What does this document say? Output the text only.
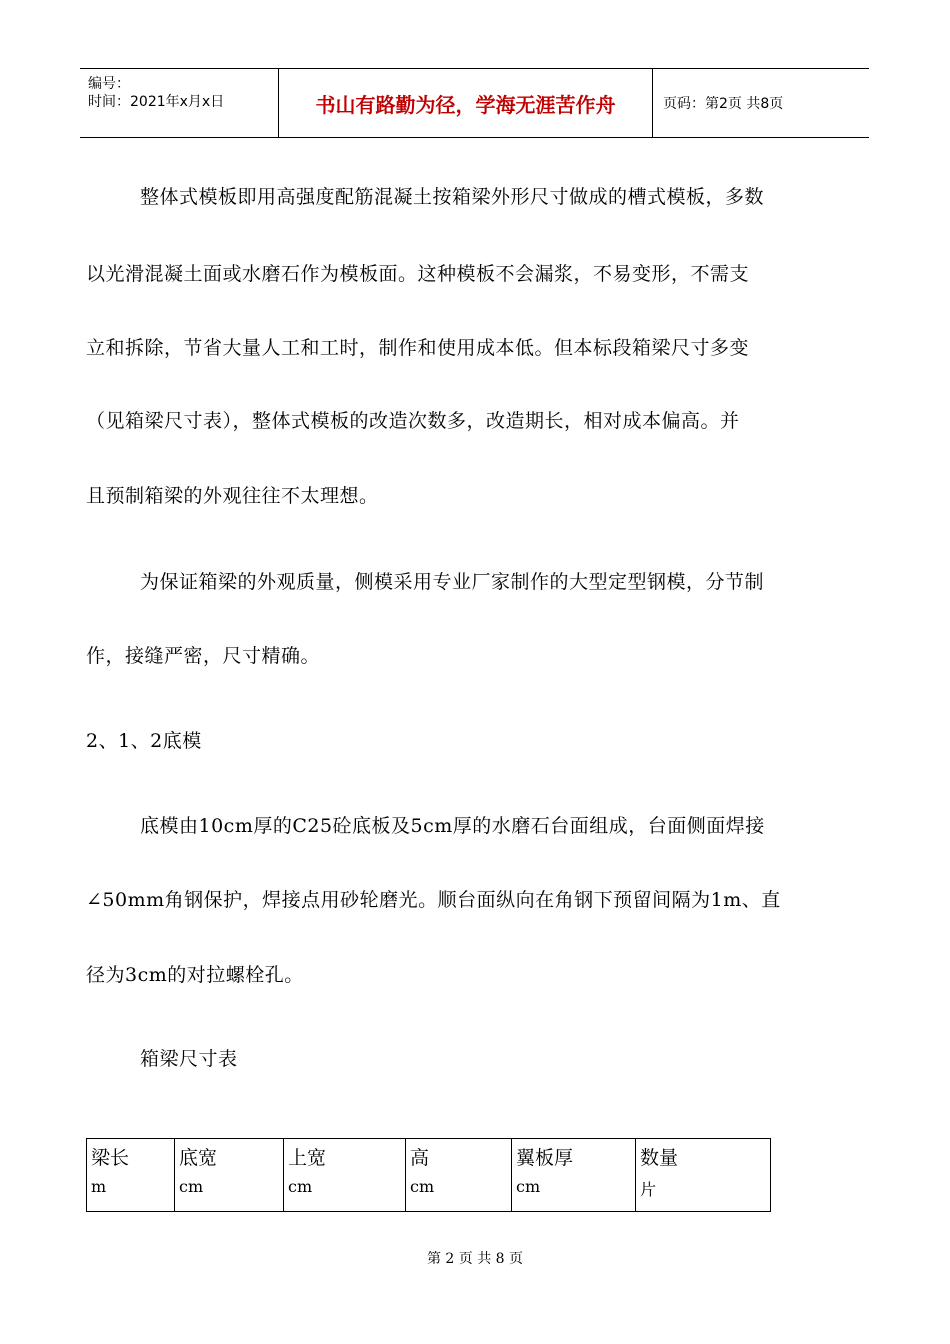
编号：
时间：2021年x月x日	书山有路勤为径，学海无涯苦作舟	页码：第2页 共8页
整体式模板即用高强度配筋混凝土按箱梁外形尺寸做成的槽式模板，多数
以光滑混凝土面或水磨石作为模板面。这种模板不会漏浆，不易变形，不需支
立和拆除，节省大量人工和工时，制作和使用成本低。但本标段箱梁尺寸多变
（见箱梁尺寸表），整体式模板的改造次数多，改造期长，相对成本偏高。并
且预制箱梁的外观往往不太理想。
为保证箱梁的外观质量，侧模采用专业厂家制作的大型定型钢模，分节制
作，接缝严密，尺寸精确。
2、1、2底模
底模由10cm厚的C25砼底板及5cm厚的水磨石台面组成，台面侧面焊接
∠50mm角钢保护，焊接点用砂轮磨光。顺台面纵向在角钢下预留间隔为1m、直
径为3cm的对拉螺栓孔。
箱梁尺寸表
梁长
m
底宽
cm
上宽
cm
高
cm
翼板厚
cm
数量
片
第 2 页 共 8 页
